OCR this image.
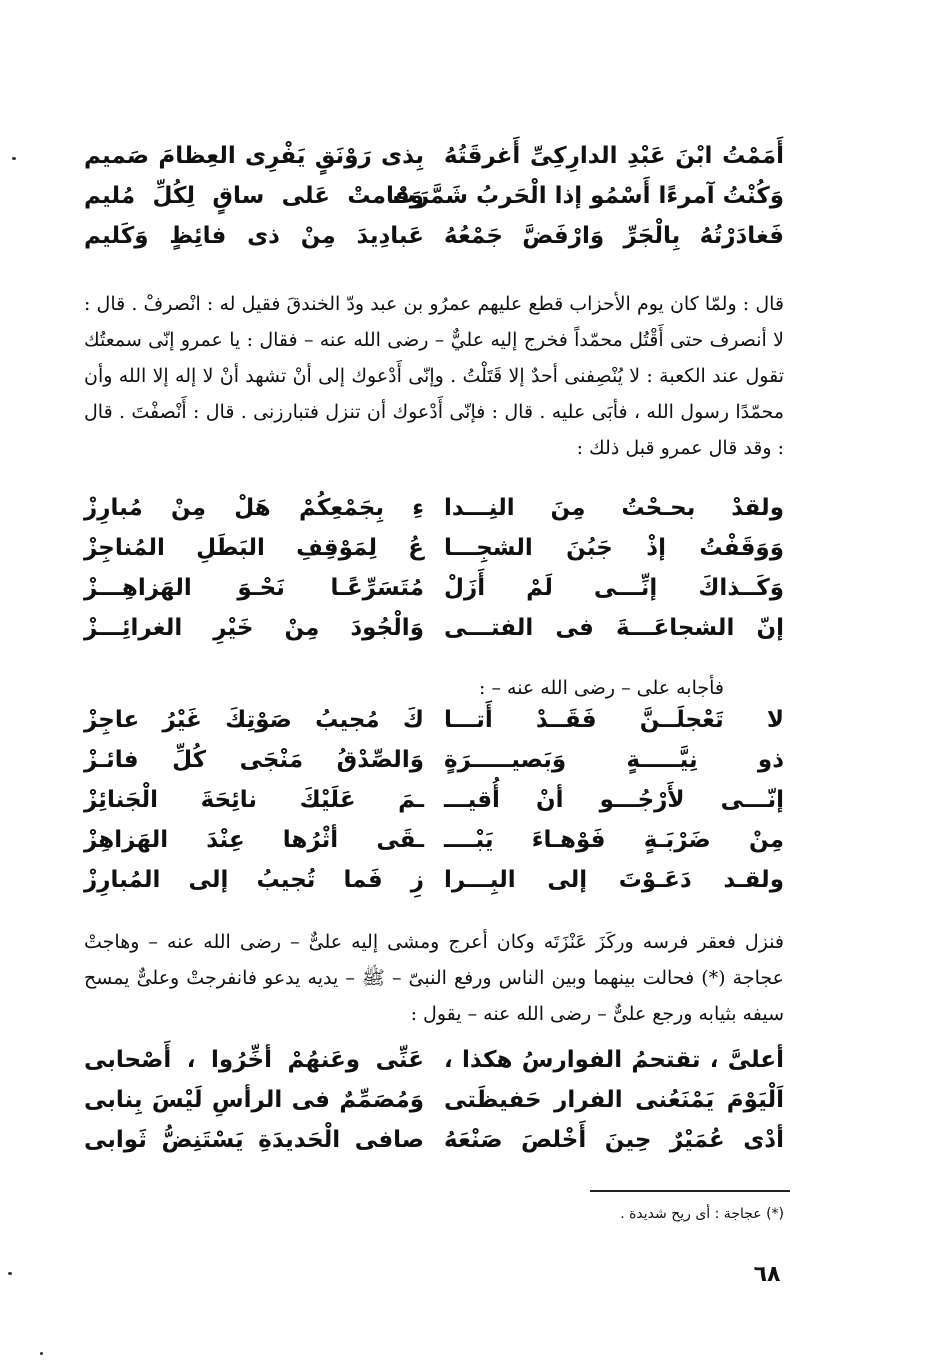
أَمَمْتُ ابْنَ عَبْدِ الدارِكِىِّ أَغرقَتُهُ
بِذى رَوْنَقٍ يَفْرِى العِظامَ صَميم
وَكُنْتُ آمرءًا أَسْمُو إذا الْحَربُ شَمَّرَتْ
وَقامتْ عَلى ساقٍ لِكُلِّ مُليم
فَغادَرْتُهُ بِالْجَرِّ وَارْفَضَّ جَمْعُهُ
عَبادِيدَ مِنْ ذى فائِظٍ وَكَليم

قال : ولمّا كان يوم الأحزاب قطع عليهم عمرُو بن عبد ودّ الخندقَ فقيل له : انْصرفْ . قال : لا أنصرف حتى أَقْتُل محمّداً فخرج إليه عليٌّ – رضى الله عنه – فقال : يا عمرو إنّى سمعتُك تقول عند الكعبة : لا يُنْصِفنى أحدٌ إلا قَتَلْتُ . وإنّى أَدْعوك إلى أنْ تشهد أنْ لا إله إلا الله وأن محمّدًا رسول الله ، فأبَى عليه . قال : فإنّى أَدْعوك أن تنزل فتبارزنى . قال : أَنْصفْتَ . قال : وقد قال عمرو قبل ذلك :

ولقدْ بحـحْتُ مِنَ النِـــدا
ءِ بِجَمْعِكُمْ هَلْ مِنْ مُبارِزْ
وَوَقَفْتُ إذْ جَبُنَ الشجِـــا
عُ لِمَوْقِفِ البَطَلِ المُناجِزْ
وَكَــذاكَ إنِّـــى لَمْ أَزَلْ
مُتَسَرِّعًـا نَحْـوَ الهَزاهِـــزْ
إنّ الشجاعَـــةَ فى الفتـــى
وَالْجُودَ مِنْ خَيْرِ الغرائِـــزْ

فأجابه على – رضى الله عنه – :

لا تَعْجلَــنَّ فَقَــدْ أَتـــا
كَ مُجيبُ صَوْتِكَ غَيْرُ عاجِزْ
ذو نِيَّـــــةٍ وَبَصيـــــرَةٍ
وَالصِّدْقُ مَنْجَى كُلِّ فائـزْ
إنّـــى لأَرْجُـــو أنْ أُقيـــ
ـمَ عَلَيْكَ نائِحَةَ الْجَنائِزْ
مِنْ ضَرْبَـةٍ فَوْهـاءَ يَبْــــ
ـقَى أثْرُها عِنْدَ الهَزاهِزْ
ولقـد دَعَـوْتَ إلى البِـــرا
زِ فَما تُجيبُ إلى المُبارِزْ

فنزل فعقر فرسه وركَزَ عَنْزَتَه وكان أعرج ومشى إليه علىٌّ – رضى الله عنه – وهاجتْ عجاجة (*) فحالت بينهما وبين الناس ورفع النبىّ – ﷺ – يديه يدعو فانفرجتْ وعلىٌّ يمسح سيفه بثيابه ورجع علىٌّ – رضى الله عنه – يقول :

أعلىَّ ، تقتحمُ الفوارسُ هكذا ،
عَنِّى وعَنهُمْ أخِّرُوا ، أَصْحابى
اَلْيَوْمَ يَمْنَعُنى الفرار حَفيظَتى
وَمُصَمِّمٌ فى الرأسِ لَيْسَ بِنابى
أدْى عُمَيْرٌ حِينَ أَخْلصَ صَنْعَهُ
صافى الْحَديدَةِ يَسْتَنِضُّ ثَوابى
(*) عجاجة : أى ريح شديدة .
٦٨
